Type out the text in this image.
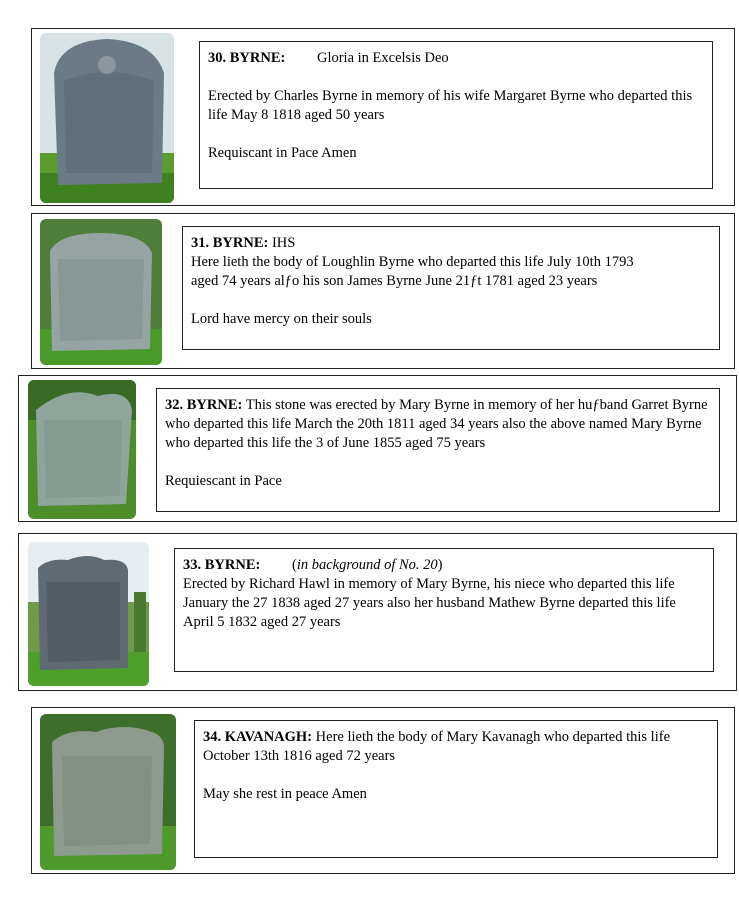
30. BYRNE: Gloria in Excelsis Deo

Erected by Charles Byrne in memory of his wife Margaret Byrne who departed this life May 8 1818 aged 50 years

Requiscant in Pace Amen

31. BYRNE: IHS

Here lieth the body of Loughlin Byrne who departed this life July 10th 1793

aged 74 years alƒo his son James Byrne June 21ƒt 1781 aged 23 years

Lord have mercy on their souls

32. BYRNE: This stone was erected by Mary Byrne in memory of her huƒband Garret Byrne who departed this life March the 20th 1811 aged 34 years also the above named Mary Byrne who departed this life the 3 of June 1855 aged 75 years

Requiescant in Pace

33. BYRNE: (in background of No. 20)

Erected by Richard Hawl in memory of Mary Byrne, his niece who departed this life January the 27 1838 aged 27 years also her husband Mathew Byrne departed this life April 5 1832 aged 27 years

34. KAVANAGH: Here lieth the body of Mary Kavanagh who departed this life October 13th 1816 aged 72 years

May she rest in peace Amen
